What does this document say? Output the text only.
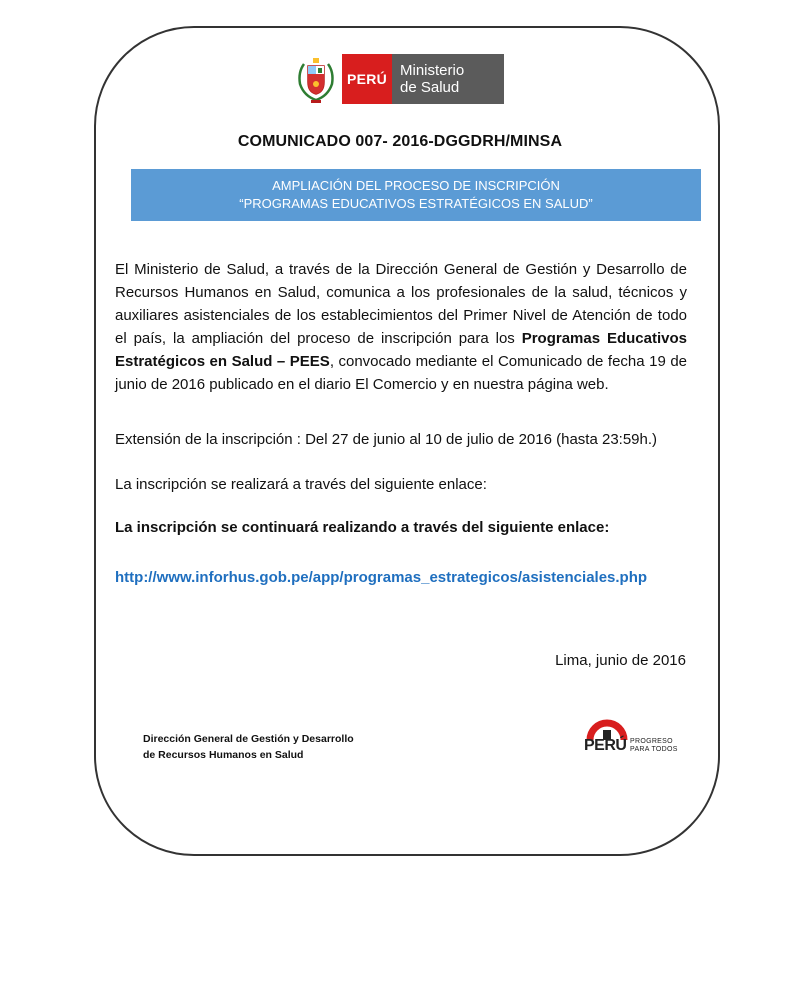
PERÚ Ministerio
de Salud
COMUNICADO 007- 2016-DGGDRH/MINSA
AMPLIACIÓN DEL PROCESO DE INSCRIPCIÓN
“PROGRAMAS EDUCATIVOS ESTRATÉGICOS EN SALUD”

El Ministerio de Salud, a través de la Dirección General de Gestión y Desarrollo de Recursos Humanos en Salud, comunica a los profesionales de la salud, técnicos y auxiliares asistenciales de los establecimientos del Primer Nivel de Atención de todo el país, la ampliación del proceso de inscripción para los Programas Educativos Estratégicos en Salud – PEES, convocado mediante el Comunicado de fecha 19 de junio de 2016 publicado en el diario El Comercio y en nuestra página web.

Extensión de la inscripción : Del 27 de junio al 10 de julio de 2016 (hasta 23:59h.)
La inscripción se realizará a través del siguiente enlace:
La inscripción se continuará realizando a través del siguiente enlace:
http://www.inforhus.gob.pe/app/programas_estrategicos/asistenciales.php
Lima, junio de 2016
Dirección General de Gestión y Desarrollo
de Recursos Humanos en Salud
PERÚ PROGRESO
PARA TODOS
